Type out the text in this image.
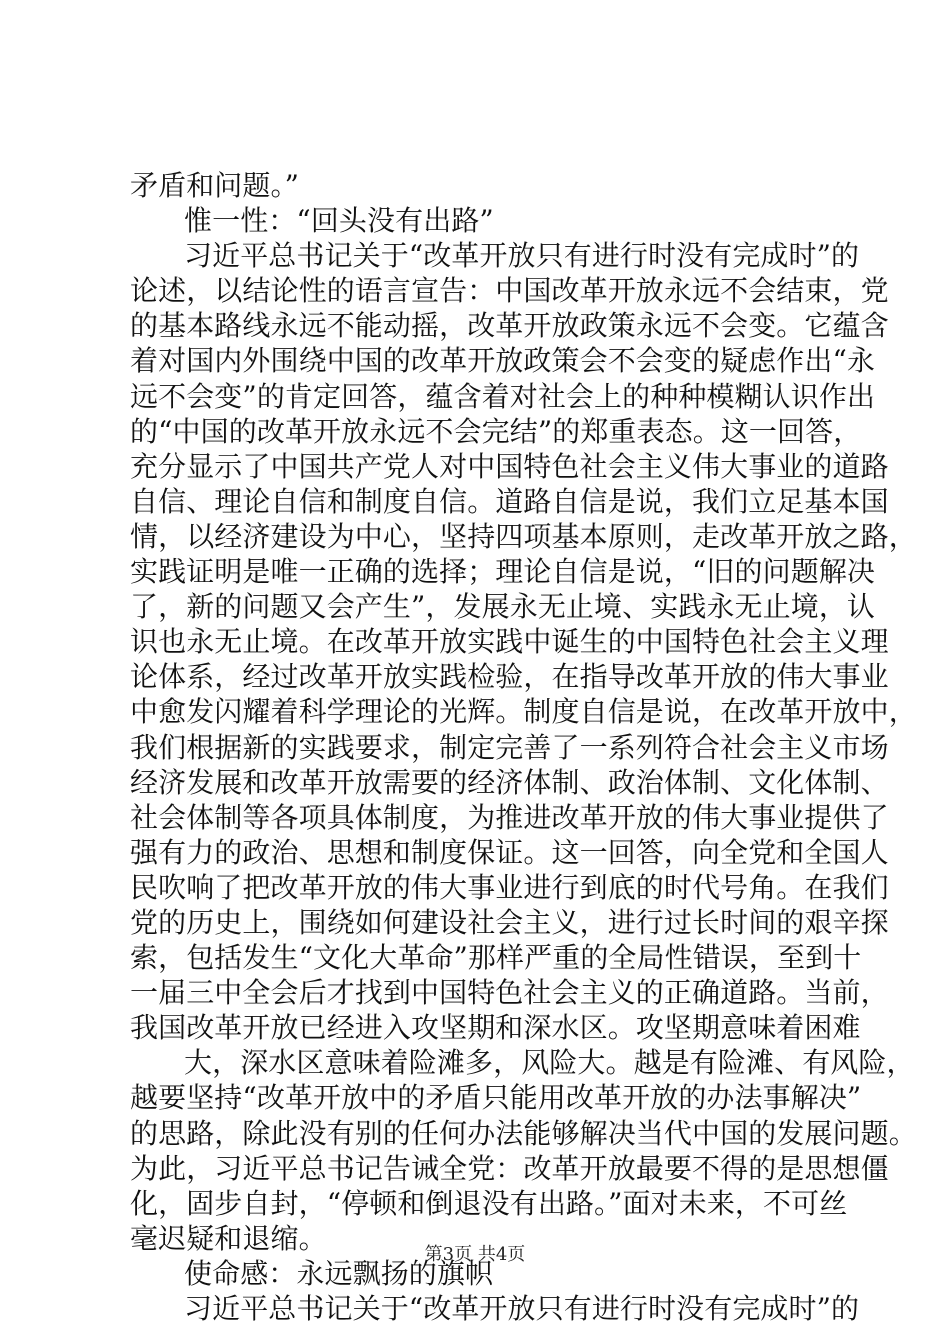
矛盾和问题。”
惟一性：“回头没有出路”
习近平总书记关于“改革开放只有进行时没有完成时”的
论述，以结论性的语言宣告：中国改革开放永远不会结束，党
的基本路线永远不能动摇，改革开放政策永远不会变。它蕴含
着对国内外围绕中国的改革开放政策会不会变的疑虑作出“永
远不会变”的肯定回答，蕴含着对社会上的种种模糊认识作出
的“中国的改革开放永远不会完结”的郑重表态。这一回答，
充分显示了中国共产党人对中国特色社会主义伟大事业的道路
自信、理论自信和制度自信。道路自信是说，我们立足基本国
情，以经济建设为中心，坚持四项基本原则，走改革开放之路，
实践证明是唯一正确的选择；理论自信是说，“旧的问题解决
了，新的问题又会产生”，发展永无止境、实践永无止境，认
识也永无止境。在改革开放实践中诞生的中国特色社会主义理
论体系，经过改革开放实践检验，在指导改革开放的伟大事业
中愈发闪耀着科学理论的光辉。制度自信是说，在改革开放中，
我们根据新的实践要求，制定完善了一系列符合社会主义市场
经济发展和改革开放需要的经济体制、政治体制、文化体制、
社会体制等各项具体制度，为推进改革开放的伟大事业提供了
强有力的政治、思想和制度保证。这一回答，向全党和全国人
民吹响了把改革开放的伟大事业进行到底的时代号角。在我们
党的历史上，围绕如何建设社会主义，进行过长时间的艰辛探
索，包括发生“文化大革命”那样严重的全局性错误，至到十
一届三中全会后才找到中国特色社会主义的正确道路。当前，
我国改革开放已经进入攻坚期和深水区。攻坚期意味着困难
大，深水区意味着险滩多，风险大。越是有险滩、有风险，
越要坚持“改革开放中的矛盾只能用改革开放的办法事解决”
的思路，除此没有别的任何办法能够解决当代中国的发展问题。
为此，习近平总书记告诫全党：改革开放最要不得的是思想僵
化，固步自封，“停顿和倒退没有出路。”面对未来，不可丝
毫迟疑和退缩。
使命感：永远飘扬的旗帜
习近平总书记关于“改革开放只有进行时没有完成时”的
第3页 共4页
